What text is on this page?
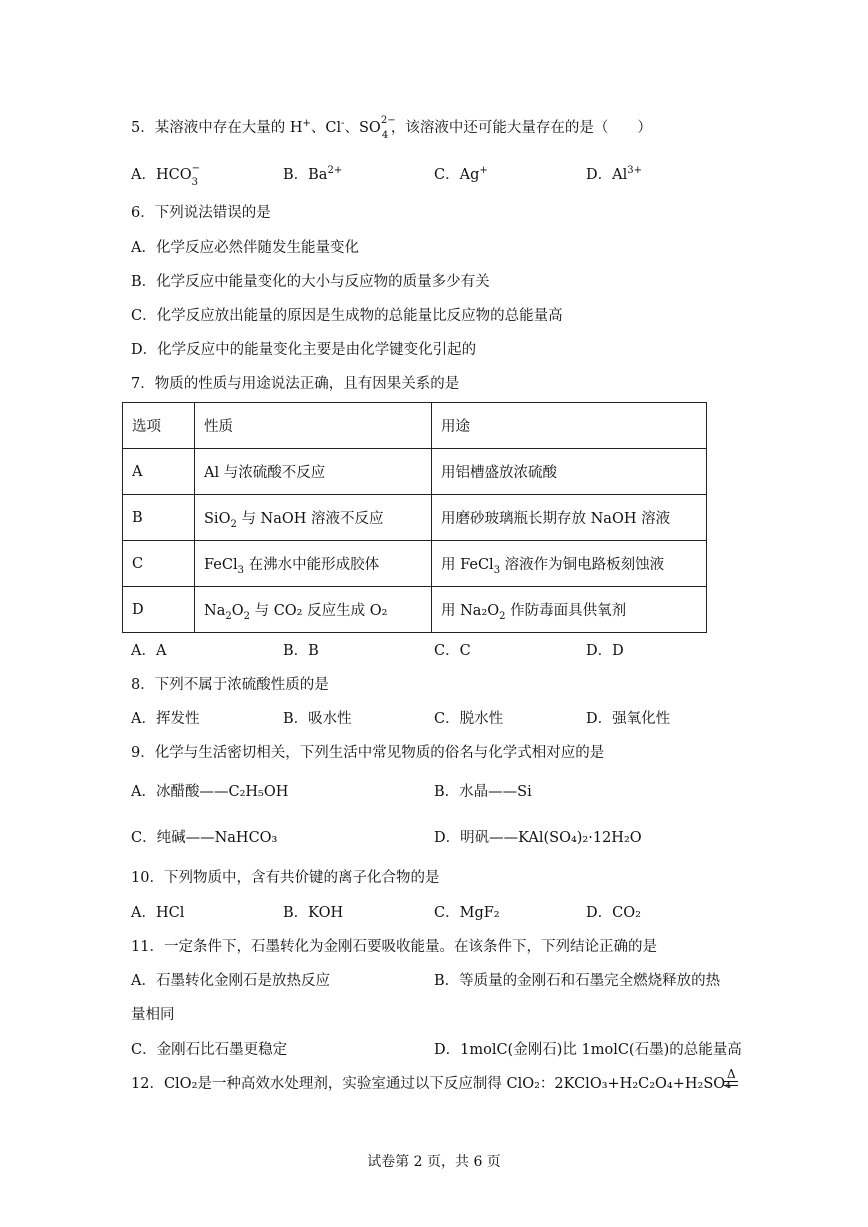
5．某溶液中存在大量的 H+、Cl-、SO 2−
4 ，该溶液中还可能大量存在的是（　　）
A．HCO −
3	B．$Ba^{2+}$	C．Ag+	D．$Al^{3+}$
6．下列说法错误的是
A．化学反应必然伴随发生能量变化
B．化学反应中能量变化的大小与反应物的质量多少有关
C．化学反应放出能量的原因是生成物的总能量比反应物的总能量高
D．化学反应中的能量变化主要是由化学键变化引起的
7．物质的性质与用途说法正确，且有因果关系的是
选项	性质	用途
A	Al 与浓硫酸不反应	用铝槽盛放浓硫酸
B	SiO$_2$ 与 NaOH 溶液不反应	用磨砂玻璃瓶长期存放 NaOH 溶液
C	FeCl$_3$ 在沸水中能形成胶体	用 FeCl$_3$ 溶液作为铜电路板刻蚀液
D	$Na_2O_2$ 与 CO₂ 反应生成 O₂	用 $Na_2O_2$ 作防毒面具供氧剂
A．A	B．B	C．C	D．D
8．下列不属于浓硫酸性质的是
A．挥发性	B．吸水性	C．脱水性	D．强氧化性
9．化学与生活密切相关，下列生活中常见物质的俗名与化学式相对应的是
A．冰醋酸——C₂H₅OH	B．水晶——Si
C．纯碱——NaHCO₃	D．明矾——KAl(SO₄)₂·12H₂O
10．下列物质中，含有共价键的离子化合物的是
A．HCl	B．KOH	C．MgF₂	D．CO₂
11．一定条件下，石墨转化为金刚石要吸收能量。在该条件下，下列结论正确的是
A．石墨转化金刚石是放热反应	B．等质量的金刚石和石墨完全燃烧释放的热
量相同
C．金刚石比石墨更稳定	D．1molC(金刚石)比 1molC(石墨)的总能量高
12．ClO₂是一种高效水处理剂，实验室通过以下反应制得 ClO₂：2KClO₃+H₂C₂O₄+H₂SO₄
Δ
试卷第 2 页，共 6 页
